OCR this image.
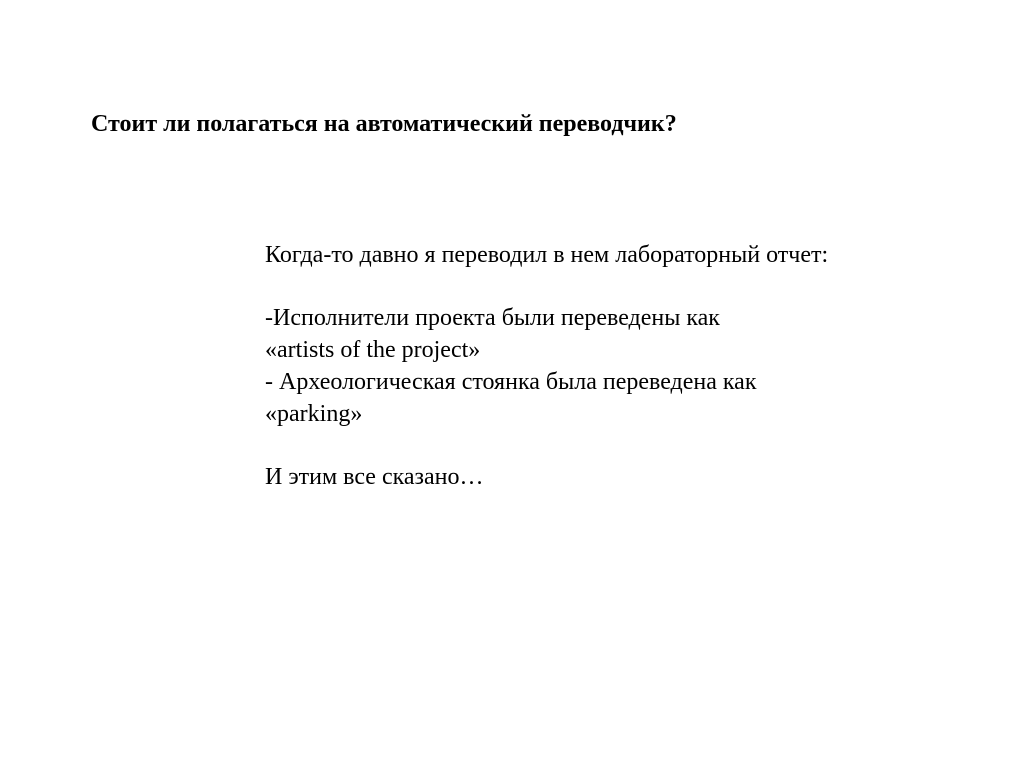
Стоит ли полагаться на автоматический переводчик?
Когда-то давно я переводил в нем лабораторный отчет:
-Исполнители проекта были переведены как
«artists of the project»
- Археологическая стоянка была переведена как
«parking»
И этим все сказано…
